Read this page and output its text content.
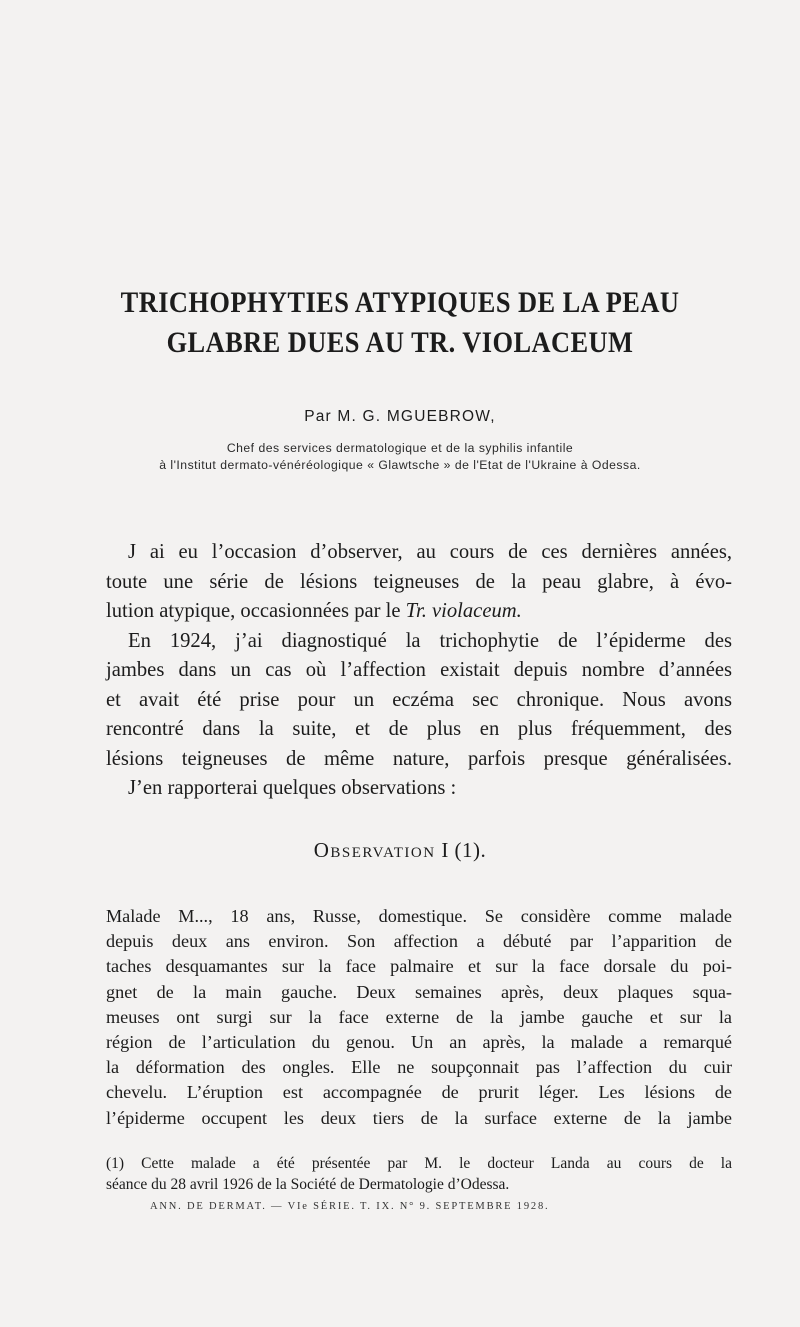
TRICHOPHYTIES ATYPIQUES DE LA PEAU
GLABRE DUES AU TR. VIOLACEUM
Par M. G. MGUEBROW,
Chef des services dermatologique et de la syphilis infantile
à l'Institut dermato-vénéréologique « Glawtsche » de l'Etat de l'Ukraine à Odessa.
J ai eu l’occasion d’observer, au cours de ces dernières années,
toute une série de lésions teigneuses de la peau glabre, à évo-
lution atypique, occasionnées par le Tr. violaceum.
En 1924, j’ai diagnostiqué la trichophytie de l’épiderme des
jambes dans un cas où l’affection existait depuis nombre d’années
et avait été prise pour un eczéma sec chronique. Nous avons
rencontré dans la suite, et de plus en plus fréquemment, des
lésions teigneuses de même nature, parfois presque généralisées.
J’en rapporterai quelques observations :
Observation I (1).
Malade M..., 18 ans, Russe, domestique. Se considère comme malade
depuis deux ans environ. Son affection a débuté par l’apparition de
taches desquamantes sur la face palmaire et sur la face dorsale du poi-
gnet de la main gauche. Deux semaines après, deux plaques squa-
meuses ont surgi sur la face externe de la jambe gauche et sur la
région de l’articulation du genou. Un an après, la malade a remarqué
la déformation des ongles. Elle ne soupçonnait pas l’affection du cuir
chevelu. L’éruption est accompagnée de prurit léger. Les lésions de
l’épiderme occupent les deux tiers de la surface externe de la jambe
(1) Cette malade a été présentée par M. le docteur Landa au cours de la
séance du 28 avril 1926 de la Société de Dermatologie d’Odessa.
ANN. DE DERMAT. — VIe SÉRIE. T. IX. N° 9. SEPTEMBRE 1928.
